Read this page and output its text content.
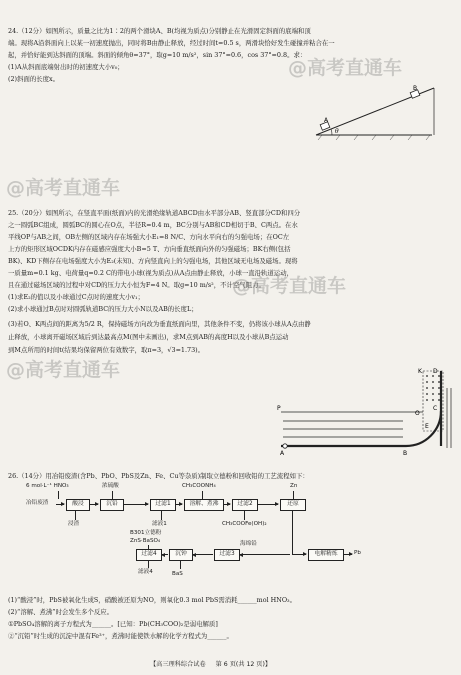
24.（12分）如图所示，质量之比为1∶2的两个滑块A、B(均视为质点)分别静止在光滑固定斜面的底端和顶
端。现将A沿斜面向上以某一初速度抛出，同时将B由静止释放，经过时间t=0.5 s，两滑块恰好发生碰撞并粘合在一
起，并恰好能到达斜面的顶端。斜面的倾角θ=37°，取g=10 m/s²，sin 37°=0.6，cos 37°=0.8。求：
(1)A从斜面底端射出时的初速度大小v₀；
(2)斜面的长度x。
B
A
θ
25.（20分）如图所示，在竖直平面(纸面)内的光滑绝缘轨道ABCD由水平部分AB、竖直部分CD和四分
之一圆弧BC组成，圆弧BC的圆心在O点，半径R=0.4 m，BC分别与AB和CD相切于B、C两点。在水
平线OP与AB之间，OB左侧的区域内存在场强大小E₁=8 N/C、方向水平向右的匀强电场；在OC左
上方的矩形区域OCDK内存在磁感应强度大小B=5 T、方向垂直纸面向外的匀强磁场；BK右侧(包括
BK)、KD下侧存在电场强度大小为E₂(未知)、方向竖直向上的匀强电场，其他区域无电场及磁场。现将
一质量m=0.1 kg、电荷量q=0.2 C的带电小球(视为质点)从A点由静止释放，小球一直沿轨道运动，
且在通过磁场区域的过程中对CD的压力大小恒为F=4 N。取g=10 m/s²，不计空气阻力。
(1)求E₂的值以及小球通过C点时的速度大小v₁；
(2)求小球通过B点时对圆弧轨道BC的压力大小N以及AB的长度L；
(3)若O、K两点间的距离为5/2 R，保持磁场方向改为垂直纸面向里，其他条件不变，仍将该小球从A点由静
止释放，小球离开磁场区域后到达最高点M(图中未画出)，求M点到AB的高度H以及小球从B点运动
到M点所用的时间t(结果均保留两位有效数字，取π=3，√3=1.73)。
K D
P
O
C
B
A
E
26.（14分）用冶铅废渣(含Pb、PbO、PbS及Zn、Fe、Cu等杂质)制取立德粉和回收铅的工艺流程如下：
6 mol·L⁻¹ HNO₃	浓硫酸	CH₃COONH₄	Zn
冶铅废渣	酸浸	沉铅	过滤1	溶解、煮沸	过滤2	还原
浸渣	滤液1	CH₃COOFe(OH)₂
B301立德粉
ZnS·BaSO₄
过滤4	沉钟	过滤3
海绵铅
电解精炼	Pb
滤液4	BaS
(1)“酸浸”时，PbS被氧化生成S，硝酸被还原为NO，则氧化0.3 mol PbS需消耗______mol HNO₃。
(2)“溶解、煮沸”时会发生多个反应。
①PbSO₄溶解的离子方程式为______。[已知：Pb(CH₃COO)₂是弱电解质]
②“沉铅”时生成的沉淀中混有Fe³⁺，煮沸时能使铁水解的化学方程式为______。
@高考直通车
@高考直通车
@高考直通车
@高考直通车
【高三理科综合试卷 第 6 页(共 12 页)】
